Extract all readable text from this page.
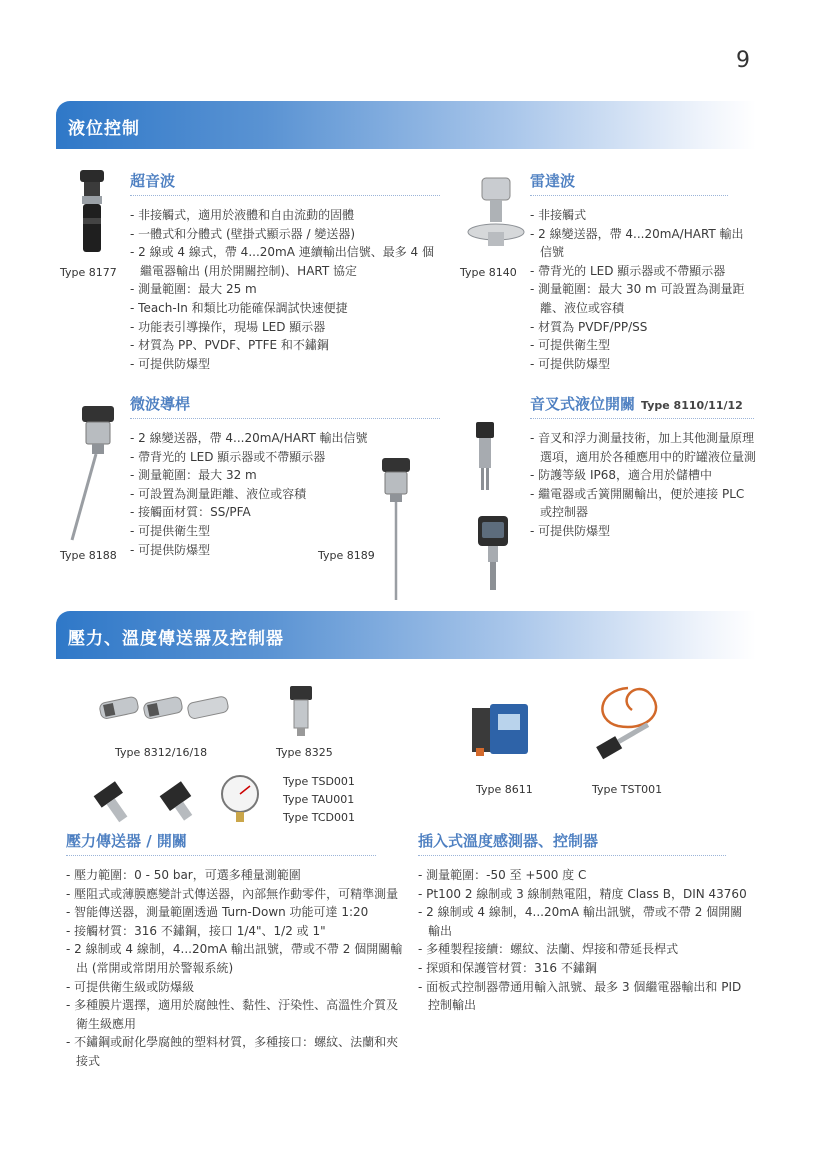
9
液位控制
Type 8177
超音波
- 非接觸式，適用於液體和自由流動的固體
- 一體式和分體式 (壁掛式顯示器 / 變送器)
- 2 線或 4 線式，帶 4...20mA 連續輸出信號、最多 4 個繼電器輸出 (用於開關控制)、HART 協定
- 測量範圍：最大 25 m
- Teach-In 和類比功能確保調試快速便捷
- 功能表引導操作，現場 LED 顯示器
- 材質為 PP、PVDF、PTFE 和不鏽鋼
- 可提供防爆型
Type 8140
雷達波
- 非接觸式
- 2 線變送器，帶 4...20mA/HART 輸出信號
- 帶背光的 LED 顯示器或不帶顯示器
- 測量範圍：最大 30 m 可設置為測量距離、液位或容積
- 材質為 PVDF/PP/SS
- 可提供衛生型
- 可提供防爆型
Type 8188	Type 8189
微波導桿
- 2 線變送器，帶 4...20mA/HART 輸出信號
- 帶背光的 LED 顯示器或不帶顯示器
- 測量範圍：最大 32 m
- 可設置為測量距離、液位或容積
- 接觸面材質：SS/PFA
- 可提供衛生型
- 可提供防爆型
音叉式液位開關 Type 8110/11/12
- 音叉和浮力測量技術，加上其他測量原理選項，適用於各種應用中的貯罐液位量測
- 防護等級 IP68，適合用於儲槽中
- 繼電器或舌簧開關輸出，便於連接 PLC 或控制器
- 可提供防爆型
壓力、溫度傳送器及控制器
Type 8312/16/18	Type 8325
Type TSD001
Type TAU001
Type TCD001
Type 8611	Type TST001
壓力傳送器 / 開關
- 壓力範圍：0 - 50 bar，可選多種量測範圍
- 壓阻式或薄膜應變計式傳送器，內部無作動零件，可精準測量
- 智能傳送器，測量範圍透過 Turn-Down 功能可達 1:20
- 接觸材質：316 不鏽鋼，接口 1/4"、1/2 或 1"
- 2 線制或 4 線制，4...20mA 輸出訊號，帶或不帶 2 個開關輸出 (常開或常閉用於警報系統)
- 可提供衛生級或防爆級
- 多種膜片選擇，適用於腐蝕性、黏性、汙染性、高溫性介質及衛生級應用
- 不鏽鋼或耐化學腐蝕的塑料材質，多種接口：螺紋、法蘭和夾接式
插入式溫度感測器、控制器
- 測量範圍：-50 至 +500 度 C
- Pt100 2 線制或 3 線制熱電阻，精度 Class B，DIN 43760
- 2 線制或 4 線制，4...20mA 輸出訊號，帶或不帶 2 個開關輸出
- 多種製程接續：螺紋、法蘭、焊接和帶延長桿式
- 探頭和保護管材質：316 不鏽鋼
- 面板式控制器帶通用輸入訊號、最多 3 個繼電器輸出和 PID 控制輸出
